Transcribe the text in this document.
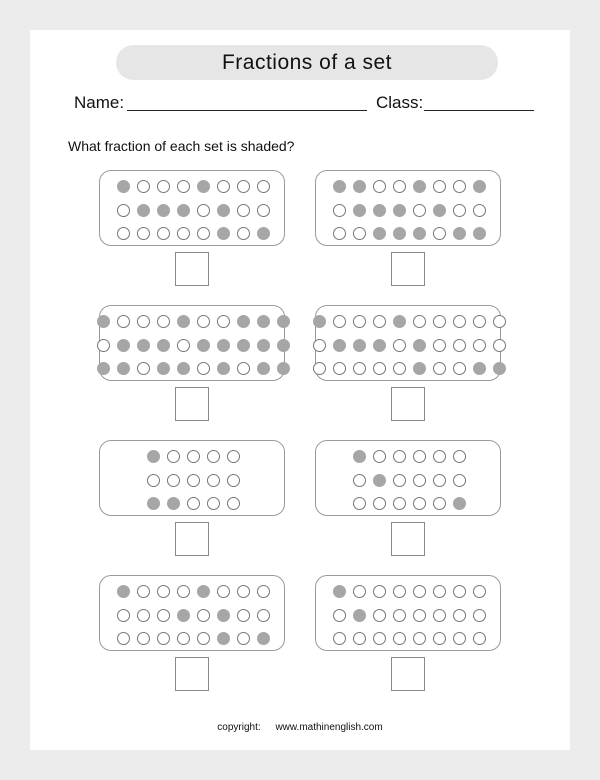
Fractions of a set
Name:	Class:
What fraction of each set is shaded?
copyright: www.mathinenglish.com
